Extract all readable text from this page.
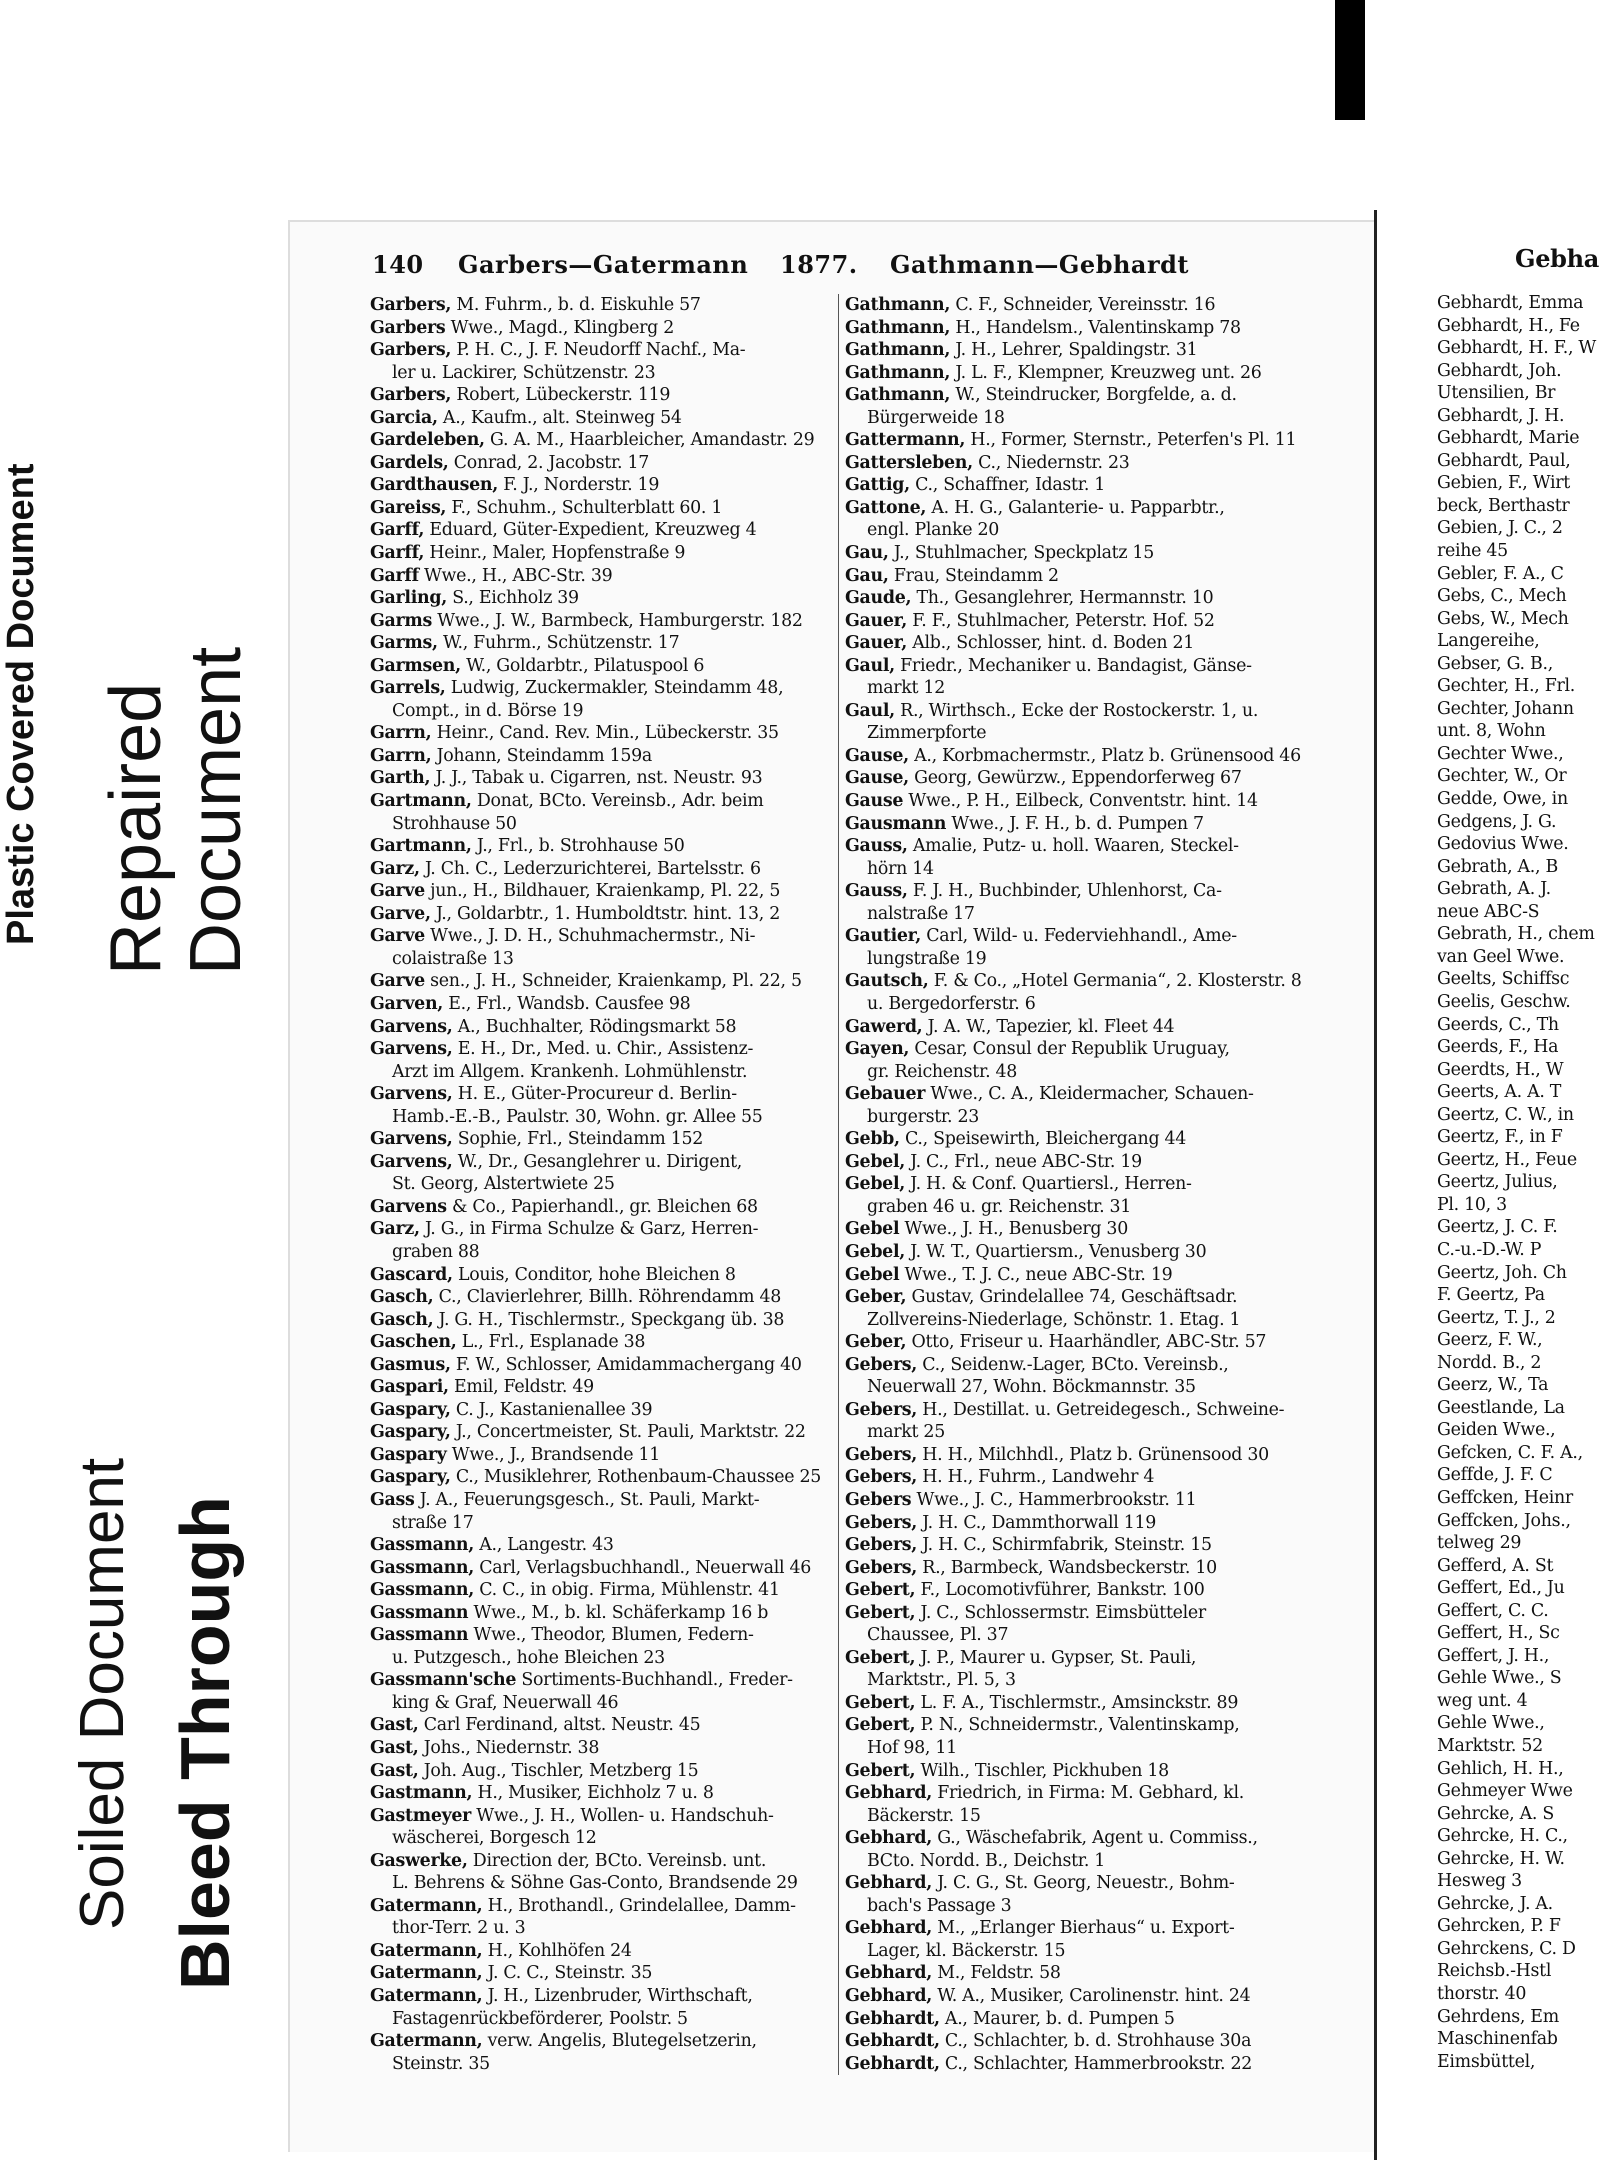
Plastic Covered Document Repaired Document
Soiled Document Bleed Through
140 Garbers—Gatermann 1877. Gathmann—Gebhardt
Garbers, M. Fuhrm., b. d. Eiskuhle 57
Garbers Wwe., Magd., Klingberg 2
Garbers, P. H. C., J. F. Neudorff Nachf., Ma-
ler u. Lackirer, Schützenstr. 23
Garbers, Robert, Lübeckerstr. 119
Garcia, A., Kaufm., alt. Steinweg 54
Gardeleben, G. A. M., Haarbleicher, Amandastr. 29
Gardels, Conrad, 2. Jacobstr. 17
Gardthausen, F. J., Norderstr. 19
Gareiss, F., Schuhm., Schulterblatt 60. 1
Garff, Eduard, Güter-Expedient, Kreuzweg 4
Garff, Heinr., Maler, Hopfenstraße 9
Garff Wwe., H., ABC-Str. 39
Garling, S., Eichholz 39
Garms Wwe., J. W., Barmbeck, Hamburgerstr. 182
Garms, W., Fuhrm., Schützenstr. 17
Garmsen, W., Goldarbtr., Pilatuspool 6
Garrels, Ludwig, Zuckermakler, Steindamm 48,
Compt., in d. Börse 19
Garrn, Heinr., Cand. Rev. Min., Lübeckerstr. 35
Garrn, Johann, Steindamm 159a
Garth, J. J., Tabak u. Cigarren, nst. Neustr. 93
Gartmann, Donat, BCto. Vereinsb., Adr. beim
Strohhause 50
Gartmann, J., Frl., b. Strohhause 50
Garz, J. Ch. C., Lederzurichterei, Bartelsstr. 6
Garve jun., H., Bildhauer, Kraienkamp, Pl. 22, 5
Garve, J., Goldarbtr., 1. Humboldtstr. hint. 13, 2
Garve Wwe., J. D. H., Schuhmachermstr., Ni-
colaistraße 13
Garve sen., J. H., Schneider, Kraienkamp, Pl. 22, 5
Garven, E., Frl., Wandsb. Causfee 98
Garvens, A., Buchhalter, Rödingsmarkt 58
Garvens, E. H., Dr., Med. u. Chir., Assistenz-
Arzt im Allgem. Krankenh. Lohmühlenstr.
Garvens, H. E., Güter-Procureur d. Berlin-
Hamb.-E.-B., Paulstr. 30, Wohn. gr. Allee 55
Garvens, Sophie, Frl., Steindamm 152
Garvens, W., Dr., Gesanglehrer u. Dirigent,
St. Georg, Alstertwiete 25
Garvens & Co., Papierhandl., gr. Bleichen 68
Garz, J. G., in Firma Schulze & Garz, Herren-
graben 88
Gascard, Louis, Conditor, hohe Bleichen 8
Gasch, C., Clavierlehrer, Billh. Röhrendamm 48
Gasch, J. G. H., Tischlermstr., Speckgang üb. 38
Gaschen, L., Frl., Esplanade 38
Gasmus, F. W., Schlosser, Amidammachergang 40
Gaspari, Emil, Feldstr. 49
Gaspary, C. J., Kastanienallee 39
Gaspary, J., Concertmeister, St. Pauli, Marktstr. 22
Gaspary Wwe., J., Brandsende 11
Gaspary, C., Musiklehrer, Rothenbaum-Chaussee 25
Gass J. A., Feuerungsgesch., St. Pauli, Markt-
straße 17
Gassmann, A., Langestr. 43
Gassmann, Carl, Verlagsbuchhandl., Neuerwall 46
Gassmann, C. C., in obig. Firma, Mühlenstr. 41
Gassmann Wwe., M., b. kl. Schäferkamp 16 b
Gassmann Wwe., Theodor, Blumen, Federn-
u. Putzgesch., hohe Bleichen 23
Gassmann'sche Sortiments-Buchhandl., Freder-
king & Graf, Neuerwall 46
Gast, Carl Ferdinand, altst. Neustr. 45
Gast, Johs., Niedernstr. 38
Gast, Joh. Aug., Tischler, Metzberg 15
Gastmann, H., Musiker, Eichholz 7 u. 8
Gastmeyer Wwe., J. H., Wollen- u. Handschuh-
wäscherei, Borgesch 12
Gaswerke, Direction der, BCto. Vereinsb. unt.
L. Behrens & Söhne Gas-Conto, Brandsende 29
Gatermann, H., Brothandl., Grindelallee, Damm-
thor-Terr. 2 u. 3
Gatermann, H., Kohlhöfen 24
Gatermann, J. C. C., Steinstr. 35
Gatermann, J. H., Lizenbruder, Wirthschaft,
Fastagenrückbeförderer, Poolstr. 5
Gatermann, verw. Angelis, Blutegelsetzerin,
Steinstr. 35
Gathmann, C. F., Schneider, Vereinsstr. 16
Gathmann, H., Handelsm., Valentinskamp 78
Gathmann, J. H., Lehrer, Spaldingstr. 31
Gathmann, J. L. F., Klempner, Kreuzweg unt. 26
Gathmann, W., Steindrucker, Borgfelde, a. d.
Bürgerweide 18
Gattermann, H., Former, Sternstr., Peterfen's Pl. 11
Gattersleben, C., Niedernstr. 23
Gattig, C., Schaffner, Idastr. 1
Gattone, A. H. G., Galanterie- u. Papparbtr.,
engl. Planke 20
Gau, J., Stuhlmacher, Speckplatz 15
Gau, Frau, Steindamm 2
Gaude, Th., Gesanglehrer, Hermannstr. 10
Gauer, F. F., Stuhlmacher, Peterstr. Hof. 52
Gauer, Alb., Schlosser, hint. d. Boden 21
Gaul, Friedr., Mechaniker u. Bandagist, Gänse-
markt 12
Gaul, R., Wirthsch., Ecke der Rostockerstr. 1, u.
Zimmerpforte
Gause, A., Korbmachermstr., Platz b. Grünensood 46
Gause, Georg, Gewürzw., Eppendorferweg 67
Gause Wwe., P. H., Eilbeck, Conventstr. hint. 14
Gausmann Wwe., J. F. H., b. d. Pumpen 7
Gauss, Amalie, Putz- u. holl. Waaren, Steckel-
hörn 14
Gauss, F. J. H., Buchbinder, Uhlenhorst, Ca-
nalstraße 17
Gautier, Carl, Wild- u. Federviehhandl., Ame-
lungstraße 19
Gautsch, F. & Co., „Hotel Germania“, 2. Klosterstr. 8
u. Bergedorferstr. 6
Gawerd, J. A. W., Tapezier, kl. Fleet 44
Gayen, Cesar, Consul der Republik Uruguay,
gr. Reichenstr. 48
Gebauer Wwe., C. A., Kleidermacher, Schauen-
burgerstr. 23
Gebb, C., Speisewirth, Bleichergang 44
Gebel, J. C., Frl., neue ABC-Str. 19
Gebel, J. H. & Conf. Quartiersl., Herren-
graben 46 u. gr. Reichenstr. 31
Gebel Wwe., J. H., Benusberg 30
Gebel, J. W. T., Quartiersm., Venusberg 30
Gebel Wwe., T. J. C., neue ABC-Str. 19
Geber, Gustav, Grindelallee 74, Geschäftsadr.
Zollvereins-Niederlage, Schönstr. 1. Etag. 1
Geber, Otto, Friseur u. Haarhändler, ABC-Str. 57
Gebers, C., Seidenw.-Lager, BCto. Vereinsb.,
Neuerwall 27, Wohn. Böckmannstr. 35
Gebers, H., Destillat. u. Getreidegesch., Schweine-
markt 25
Gebers, H. H., Milchhdl., Platz b. Grünensood 30
Gebers, H. H., Fuhrm., Landwehr 4
Gebers Wwe., J. C., Hammerbrookstr. 11
Gebers, J. H. C., Dammthorwall 119
Gebers, J. H. C., Schirmfabrik, Steinstr. 15
Gebers, R., Barmbeck, Wandsbeckerstr. 10
Gebert, F., Locomotivführer, Bankstr. 100
Gebert, J. C., Schlossermstr. Eimsbütteler
Chaussee, Pl. 37
Gebert, J. P., Maurer u. Gypser, St. Pauli,
Marktstr., Pl. 5, 3
Gebert, L. F. A., Tischlermstr., Amsinckstr. 89
Gebert, P. N., Schneidermstr., Valentinskamp,
Hof 98, 11
Gebert, Wilh., Tischler, Pickhuben 18
Gebhard, Friedrich, in Firma: M. Gebhard, kl.
Bäckerstr. 15
Gebhard, G., Wäschefabrik, Agent u. Commiss.,
BCto. Nordd. B., Deichstr. 1
Gebhard, J. C. G., St. Georg, Neuestr., Bohm-
bach's Passage 3
Gebhard, M., „Erlanger Bierhaus“ u. Export-
Lager, kl. Bäckerstr. 15
Gebhard, M., Feldstr. 58
Gebhard, W. A., Musiker, Carolinenstr. hint. 24
Gebhardt, A., Maurer, b. d. Pumpen 5
Gebhardt, C., Schlachter, b. d. Strohhause 30a
Gebhardt, C., Schlachter, Hammerbrookstr. 22
Gebha
Gebhardt, Emma
Gebhardt, H., Fe
Gebhardt, H. F., W
Gebhardt, Joh.
Utensilien, Br
Gebhardt, J. H.
Gebhardt, Marie
Gebhardt, Paul,
Gebien, F., Wirt
beck, Berthastr
Gebien, J. C., 2
reihe 45
Gebler, F. A., C
Gebs, C., Mech
Gebs, W., Mech
Langereihe,
Gebser, G. B.,
Gechter, H., Frl.
Gechter, Johann
unt. 8, Wohn
Gechter Wwe.,
Gechter, W., Or
Gedde, Owe, in
Gedgens, J. G.
Gedovius Wwe.
Gebrath, A., B
Gebrath, A. J.
neue ABC-S
Gebrath, H., chem
van Geel Wwe.
Geelts, Schiffsc
Geelis, Geschw.
Geerds, C., Th
Geerds, F., Ha
Geerdts, H., W
Geerts, A. A. T
Geertz, C. W., in
Geertz, F., in F
Geertz, H., Feue
Geertz, Julius,
Pl. 10, 3
Geertz, J. C. F.
C.-u.-D.-W. P
Geertz, Joh. Ch
F. Geertz, Pa
Geertz, T. J., 2
Geerz, F. W.,
Nordd. B., 2
Geerz, W., Ta
Geestlande, La
Geiden Wwe.,
Gefcken, C. F. A.,
Geffde, J. F. C
Geffcken, Heinr
Geffcken, Johs.,
telweg 29
Gefferd, A. St
Geffert, Ed., Ju
Geffert, C. C.
Geffert, H., Sc
Geffert, J. H.,
Gehle Wwe., S
weg unt. 4
Gehle Wwe.,
Marktstr. 52
Gehlich, H. H.,
Gehmeyer Wwe
Gehrcke, A. S
Gehrcke, H. C.,
Gehrcke, H. W.
Hesweg 3
Gehrcke, J. A.
Gehrcken, P. F
Gehrckens, C. D
Reichsb.-Hstl
thorstr. 40
Gehrdens, Em
Maschinenfab
Eimsbüttel,
